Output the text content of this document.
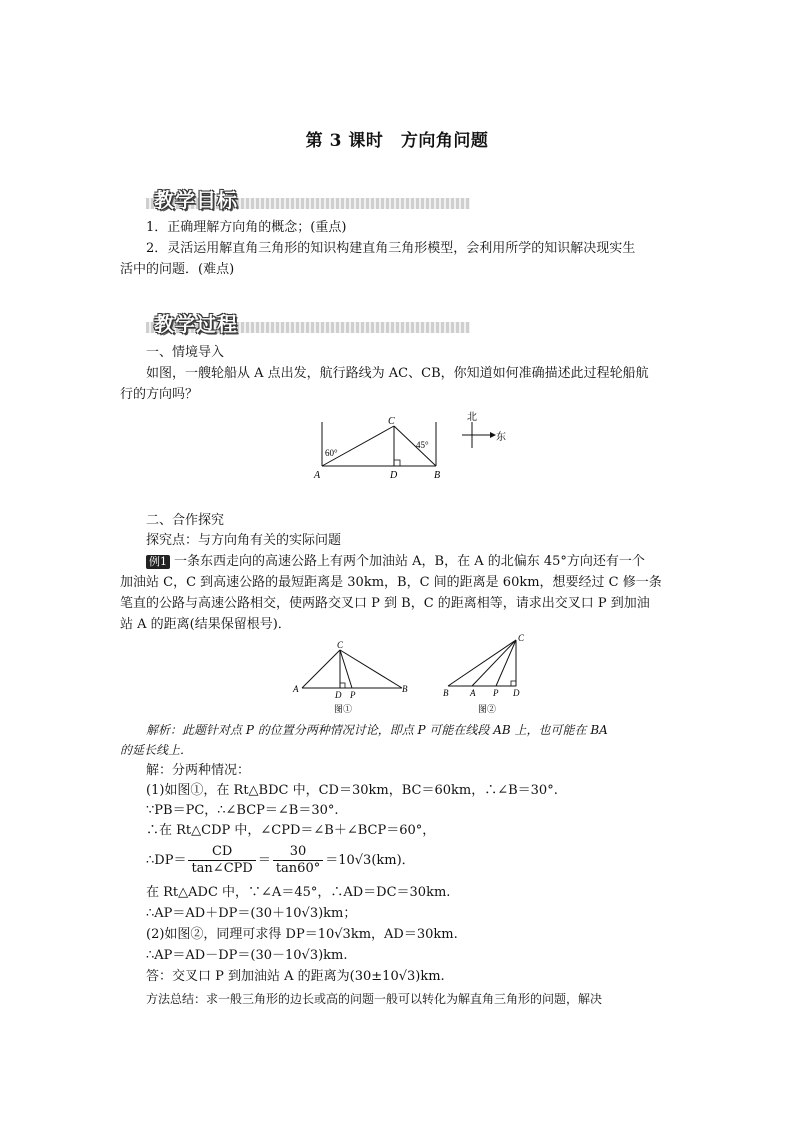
第 3 课时　方向角问题
教学目标
1．正确理解方向角的概念；(重点)
2．灵活运用解直角三角形的知识构建直角三角形模型，会利用所学的知识解决现实生
活中的问题．(难点)
教学过程
一、情境导入
如图，一艘轮船从 A 点出发，航行路线为 AC、CB，你知道如何准确描述此过程轮船航
行的方向吗？
C
A	D	B
60°
45°
北
东
二、合作探究
探究点：与方向角有关的实际问题
例1 一条东西走向的高速公路上有两个加油站 A，B，在 A 的北偏东 45°方向还有一个
加油站 C，C 到高速公路的最短距离是 30km，B，C 间的距离是 60km，想要经过 C 修一条
笔直的公路与高速公路相交，使两路交叉口 P 到 B，C 的距离相等，请求出交叉口 P 到加油
站 A 的距离(结果保留根号)．
C
A
D P
B
图①
C
B A P D
图②
解析：此题针对点 P 的位置分两种情况讨论，即点 P 可能在线段 AB 上，也可能在 BA
的延长线上．
解：分两种情况：
(1)如图①，在 Rt△BDC 中，CD＝30km，BC＝60km，∴∠B＝30°.
∵PB＝PC，∴∠BCP＝∠B＝30°.
∴在 Rt△CDP 中，∠CPD＝∠B＋∠BCP＝60°，
∴DP＝ $\frac{CD}{\text{tan∠CPD}} = \frac{30}{\tan 60^\circ} =10√3(km)$．
在 Rt△ADC 中，∵∠A＝45°，∴AD＝DC＝30km.
∴AP＝AD＋DP＝(30＋10√3)km；
(2)如图②，同理可求得 DP＝10√3km，AD＝30km.
∴AP＝AD－DP＝(30－10√3)km.
答：交叉口 P 到加油站 A 的距离为(30±10√3)km.
方法总结：求一般三角形的边长或高的问题一般可以转化为解直角三角形的问题，解决
